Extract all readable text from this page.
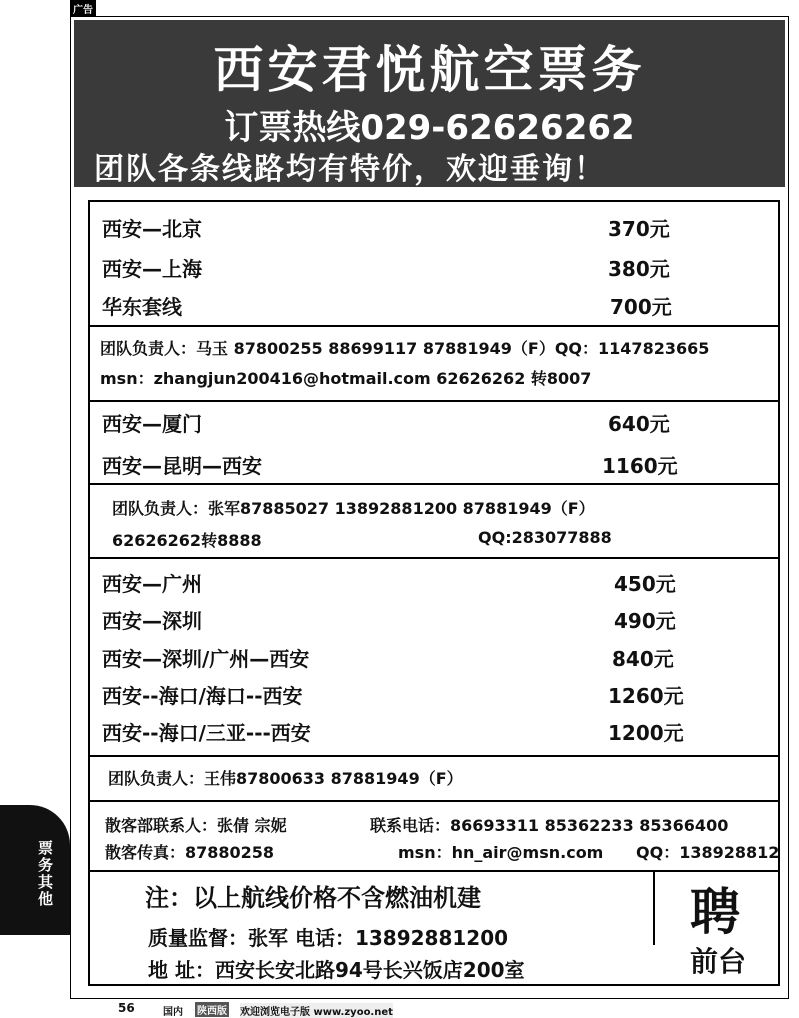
广告
西安君悦航空票务
订票热线029-62626262
团队各条线路均有特价，欢迎垂询！
西安—北京	370元
西安—上海	380元
华东套线	700元
团队负责人：马玉 87800255 88699117 87881949（F）QQ：1147823665
msn：zhangjun200416@hotmail.com 62626262 转8007
西安—厦门	640元
西安—昆明—西安	1160元
团队负责人：张军87885027 13892881200 87881949（F）
62626262转8888	QQ:283077888
西安—广州	450元
西安—深圳	490元
西安—深圳/广州—西安	840元
西安--海口/海口--西安	1260元
西安--海口/三亚---西安	1200元
团队负责人：王伟87800633 87881949（F）
散客部联系人：张倩 宗妮	联系电话：86693311 85362233 85366400
散客传真：87880258	msn：hn_air@msn.com QQ：138928812
注：以上航线价格不含燃油机建
质量监督：张军 电话：13892881200
地 址：西安长安北路94号长兴饭店200室
聘
前台
票务其他
56	国内 陕西版 欢迎浏览电子版 www.zyoo.net
